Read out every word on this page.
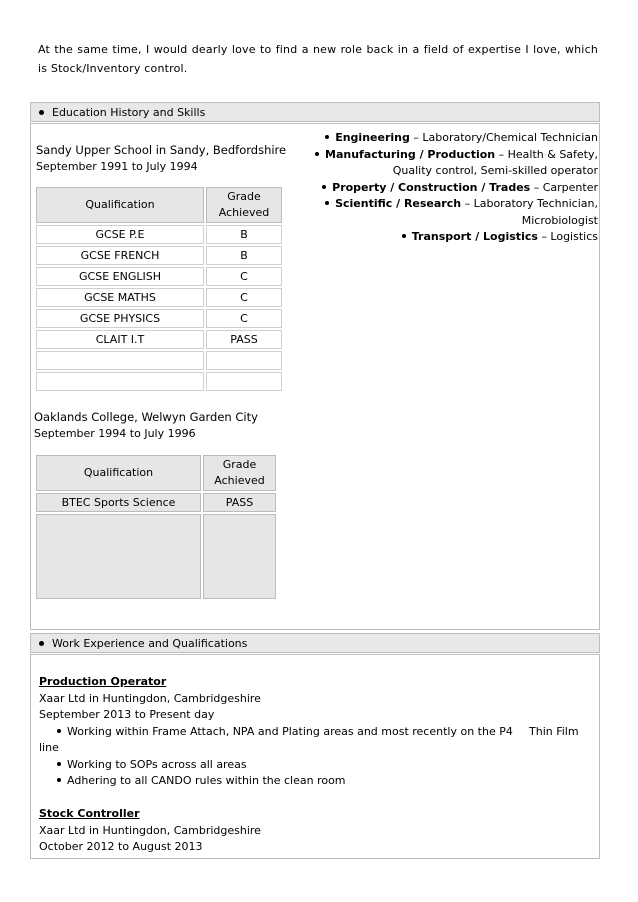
At the same time, I would dearly love to find a new role back in a field of expertise I love, which is Stock/Inventory control.
Education History and Skills
Sandy Upper School in Sandy, Bedfordshire
September 1991 to July 1994
Qualification	Grade
Achieved
GCSE P.E	B
GCSE FRENCH	B
GCSE ENGLISH	C
GCSE MATHS	C
GCSE PHYSICS	C
CLAIT I.T	PASS

Oaklands College, Welwyn Garden City
September 1994 to July 1996
Qualification	Grade
Achieved
BTEC Sports Science	PASS

Engineering – Laboratory/Chemical Technician
Manufacturing / Production – Health & Safety,
Quality control, Semi-skilled operator
Property / Construction / Trades – Carpenter
Scientific / Research – Laboratory Technician,
Microbiologist
Transport / Logistics – Logistics
Work Experience and Qualifications
Production Operator
Xaar Ltd in Huntingdon, Cambridgeshire
September 2013 to Present day
Working within Frame Attach, NPA and Plating areas and most recently on the P4 Thin Film
line
Working to SOPs across all areas
Adhering to all CANDO rules within the clean room
Stock Controller
Xaar Ltd in Huntingdon, Cambridgeshire
October 2012 to August 2013
